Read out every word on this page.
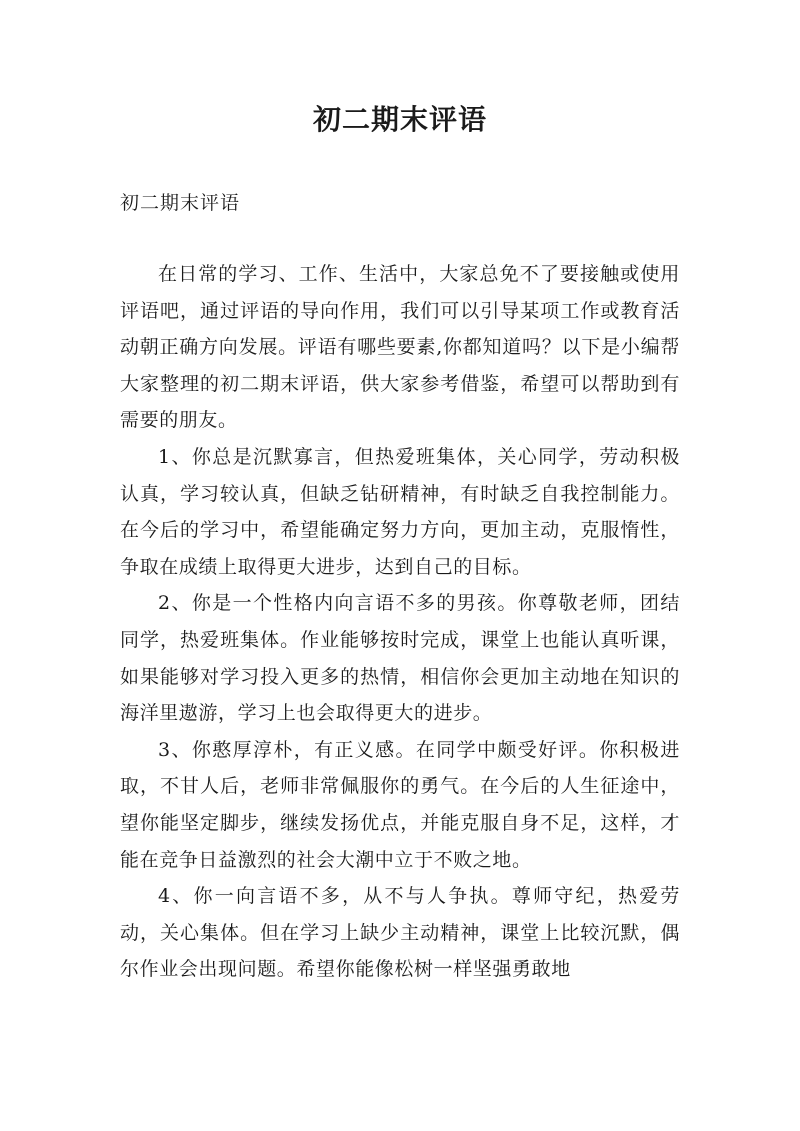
初二期末评语

初二期末评语

在日常的学习、工作、生活中，大家总免不了要接触或使用评语吧，通过评语的导向作用，我们可以引导某项工作或教育活动朝正确方向发展。评语有哪些要素,你都知道吗？以下是小编帮大家整理的初二期末评语，供大家参考借鉴，希望可以帮助到有需要的朋友。

1、你总是沉默寡言，但热爱班集体，关心同学，劳动积极认真，学习较认真，但缺乏钻研精神，有时缺乏自我控制能力。在今后的学习中，希望能确定努力方向，更加主动，克服惰性，争取在成绩上取得更大进步，达到自己的目标。

2、你是一个性格内向言语不多的男孩。你尊敬老师，团结同学，热爱班集体。作业能够按时完成，课堂上也能认真听课，如果能够对学习投入更多的热情，相信你会更加主动地在知识的海洋里遨游，学习上也会取得更大的进步。

3、你憨厚淳朴，有正义感。在同学中颇受好评。你积极进取，不甘人后，老师非常佩服你的勇气。在今后的人生征途中，望你能坚定脚步，继续发扬优点，并能克服自身不足，这样，才能在竞争日益激烈的社会大潮中立于不败之地。

4、你一向言语不多，从不与人争执。尊师守纪，热爱劳动，关心集体。但在学习上缺少主动精神，课堂上比较沉默，偶尔作业会出现问题。希望你能像松树一样坚强勇敢地
